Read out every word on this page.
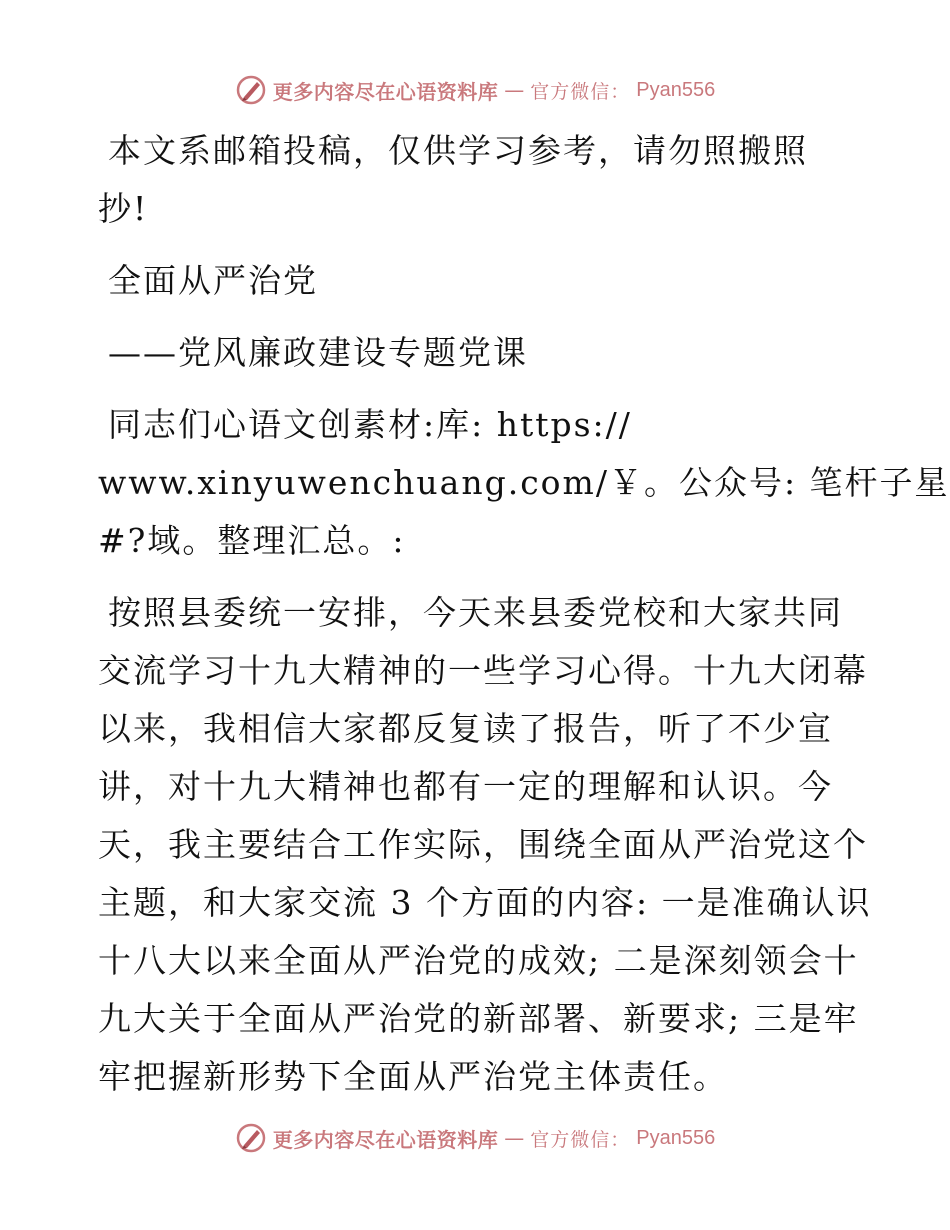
更多内容尽在心语资料库 — 官方微信： Pyan556
本文系邮箱投稿，仅供学习参考，请勿照搬照
抄!
全面从严治党
——党风廉政建设专题党课
同志们心语文创素材:库: https://
www.xinyuwenchuang.com/￥。公众号: 笔杆子星
#?域。整理汇总。:
按照县委统一安排，今天来县委党校和大家共同
交流学习十九大精神的一些学习心得。十九大闭幕
以来，我相信大家都反复读了报告，听了不少宣
讲，对十九大精神也都有一定的理解和认识。今
天，我主要结合工作实际，围绕全面从严治党这个
主题，和大家交流 3 个方面的内容: 一是准确认识
十八大以来全面从严治党的成效; 二是深刻领会十
九大关于全面从严治党的新部署、新要求; 三是牢
牢把握新形势下全面从严治党主体责任。
更多内容尽在心语资料库 — 官方微信： Pyan556
